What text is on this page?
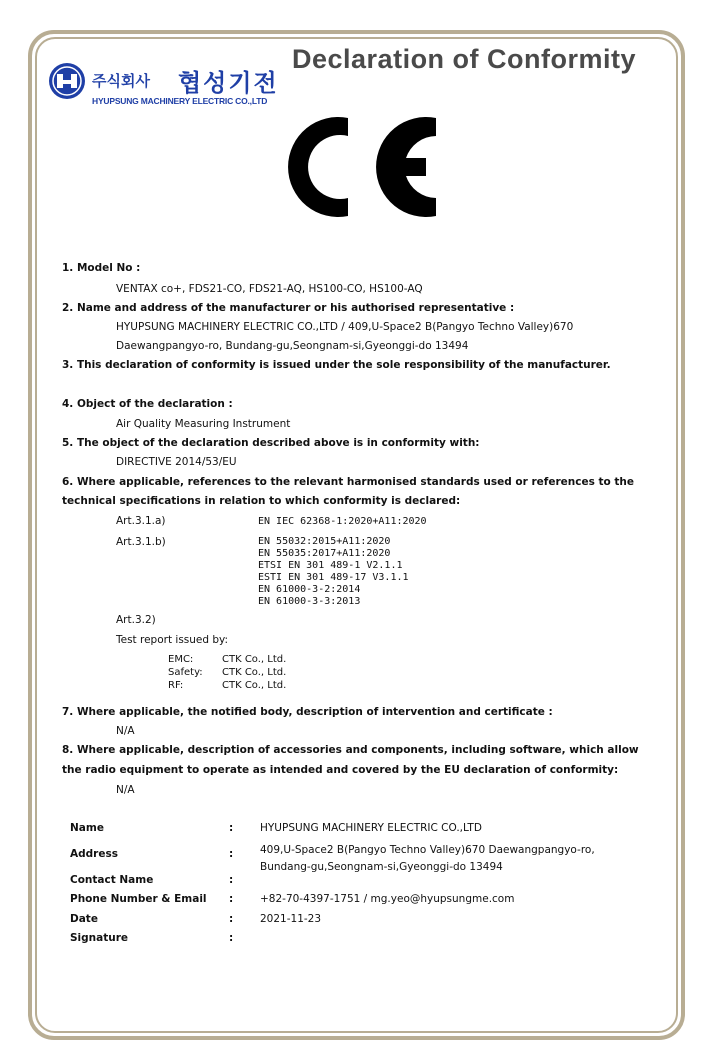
주식회사 협성기전
HYUPSUNG MACHINERY ELECTRIC CO.,LTD
Declaration of Conformity
1. Model No :
VENTAX co+, FDS21-CO, FDS21-AQ, HS100-CO, HS100-AQ
2. Name and address of the manufacturer or his authorised representative :
HYUPSUNG MACHINERY ELECTRIC CO.,LTD / 409,U-Space2 B(Pangyo Techno Valley)670
Daewangpangyo-ro, Bundang-gu,Seongnam-si,Gyeonggi-do 13494
3. This declaration of conformity is issued under the sole responsibility of the manufacturer.
4. Object of the declaration :
Air Quality Measuring Instrument
5. The object of the declaration described above is in conformity with:
DIRECTIVE 2014/53/EU
6. Where applicable, references to the relevant harmonised standards used or references to the
technical specifications in relation to which conformity is declared:
Art.3.1.a)	EN IEC 62368-1:2020+A11:2020
Art.3.1.b)	EN 55032:2015+A11:2020
EN 55035:2017+A11:2020
ETSI EN 301 489-1 V2.1.1
ESTI EN 301 489-17 V3.1.1
EN 61000-3-2:2014
EN 61000-3-3:2013
Art.3.2)
Test report issued by:
EMC:	CTK Co., Ltd.
Safety: CTK Co., Ltd.
RF:	CTK Co., Ltd.
7. Where applicable, the notified body, description of intervention and certificate :
N/A
8. Where applicable, description of accessories and components, including software, which allow
the radio equipment to operate as intended and covered by the EU declaration of conformity:
N/A
Name	:	HYUPSUNG MACHINERY ELECTRIC CO.,LTD
Address	:	409,U-Space2 B(Pangyo Techno Valley)670 Daewangpangyo-ro,
Bundang-gu,Seongnam-si,Gyeonggi-do 13494
Contact Name	:
Phone Number & Email :	+82-70-4397-1751 / mg.yeo@hyupsungme.com
Date	:	2021-11-23
Signature	:
